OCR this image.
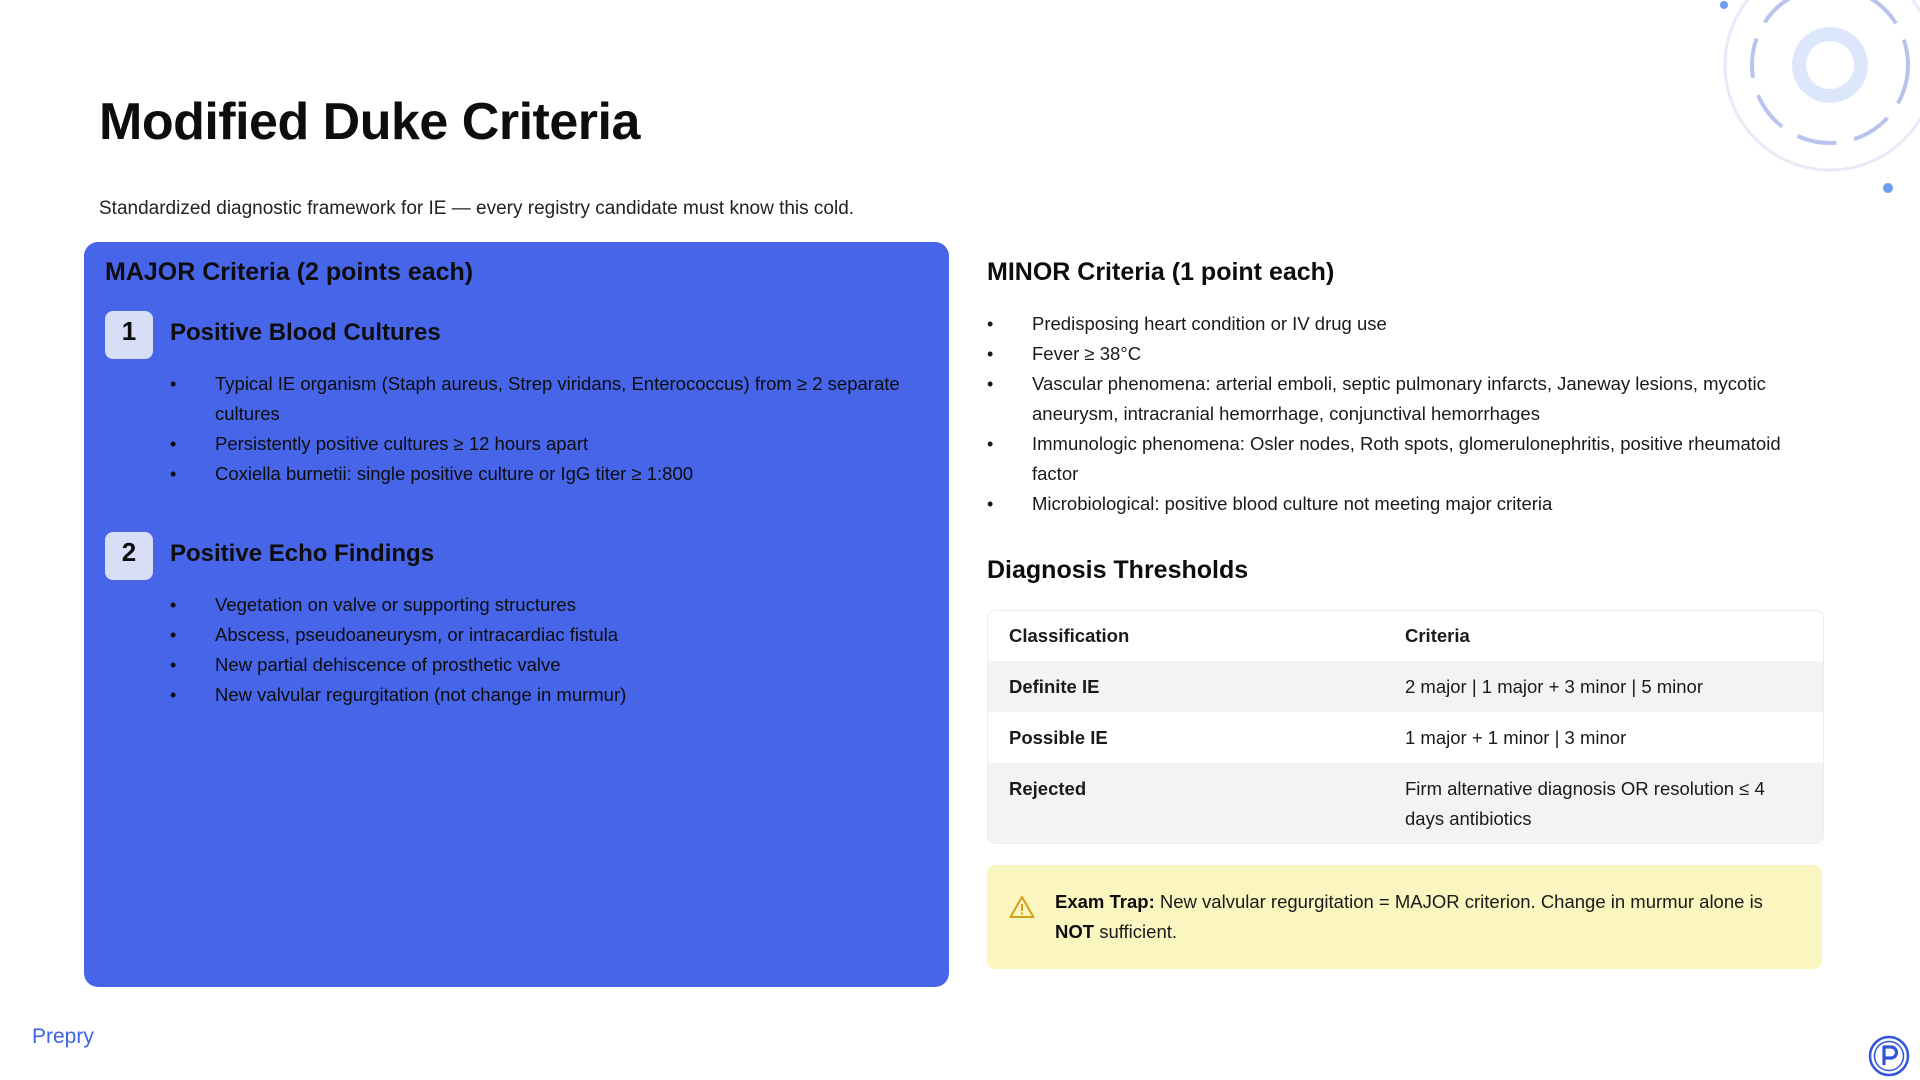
Modified Duke Criteria

Standardized diagnostic framework for IE — every registry candidate must know this cold.

MAJOR Criteria (2 points each)
1	Positive Blood Cultures
• Typical IE organism (Staph aureus, Strep viridans, Enterococcus) from ≥ 2 separate cultures
• Persistently positive cultures ≥ 12 hours apart
• Coxiella burnetii: single positive culture or IgG titer ≥ 1:800
2	Positive Echo Findings
• Vegetation on valve or supporting structures
• Abscess, pseudoaneurysm, or intracardiac fistula
• New partial dehiscence of prosthetic valve
• New valvular regurgitation (not change in murmur)
MINOR Criteria (1 point each)
• Predisposing heart condition or IV drug use
• Fever ≥ 38°C
• Vascular phenomena: arterial emboli, septic pulmonary infarcts, Janeway lesions, mycotic aneurysm, intracranial hemorrhage, conjunctival hemorrhages
• Immunologic phenomena: Osler nodes, Roth spots, glomerulonephritis, positive rheumatoid factor
• Microbiological: positive blood culture not meeting major criteria
Diagnosis Thresholds
Classification	Criteria
Definite IE	2 major | 1 major + 3 minor | 5 minor
Possible IE	1 major + 1 minor | 3 minor
Rejected	Firm alternative diagnosis OR resolution ≤ 4 days antibiotics
Exam Trap: New valvular regurgitation = MAJOR criterion. Change in murmur alone is NOT sufficient.
Prepry
